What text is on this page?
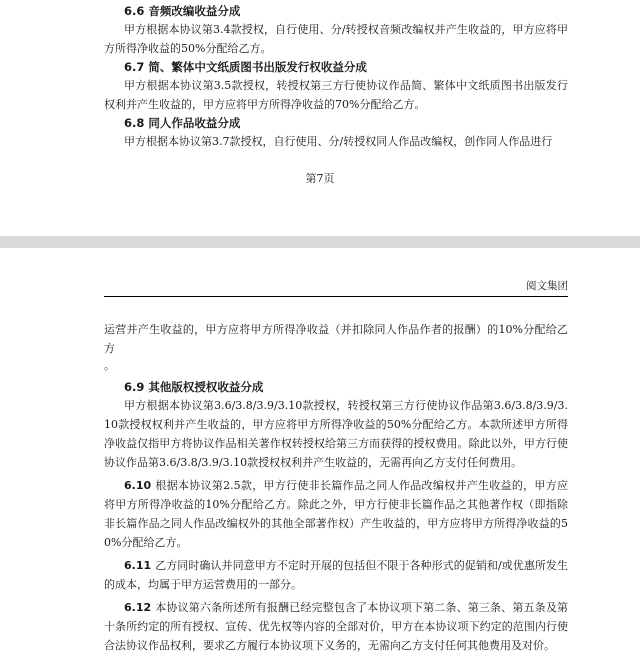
6.6 音频改编收益分成

甲方根据本协议第3.4款授权，自行使用、分/转授权音频改编权并产生收益的，甲方应将甲方所得净收益的50%分配给乙方。

6.7 简、繁体中文纸质图书出版发行权收益分成

甲方根据本协议第3.5款授权，转授权第三方行使协议作品简、繁体中文纸质图书出版发行权利并产生收益的，甲方应将甲方所得净收益的70%分配给乙方。

6.8 同人作品收益分成

甲方根据本协议第3.7款授权，自行使用、分/转授权同人作品改编权，创作同人作品进行

第7页
阅文集团

运营并产生收益的，甲方应将甲方所得净收益（并扣除同人作品作者的报酬）的10%分配给乙方

。

6.9 其他版权授权收益分成

甲方根据本协议第3.6/3.8/3.9/3.10款授权，转授权第三方行使协议作品第3.6/3.8/3.9/3.10款授权权利并产生收益的，甲方应将甲方所得净收益的50%分配给乙方。本款所述甲方所得净收益仅指甲方将协议作品相关著作权转授权给第三方而获得的授权费用。除此以外，甲方行使协议作品第3.6/3.8/3.9/3.10款授权权利并产生收益的，无需再向乙方支付任何费用。

6.10 根据本协议第2.5款，甲方行使非长篇作品之同人作品改编权并产生收益的，甲方应将甲方所得净收益的10%分配给乙方。除此之外，甲方行使非长篇作品之其他著作权（即指除非长篇作品之同人作品改编权外的其他全部著作权）产生收益的，甲方应将甲方所得净收益的50%分配给乙方。

6.11 乙方同时确认并同意甲方不定时开展的包括但不限于各种形式的促销和/或优惠所发生的成本，均属于甲方运营费用的一部分。

6.12 本协议第六条所述所有报酬已经完整包含了本协议项下第二条、第三条、第五条及第十条所约定的所有授权、宣传、优先权等内容的全部对价，甲方在本协议项下约定的范围内行使合法协议作品权利，要求乙方履行本协议项下义务的，无需向乙方支付任何其他费用及对价。
